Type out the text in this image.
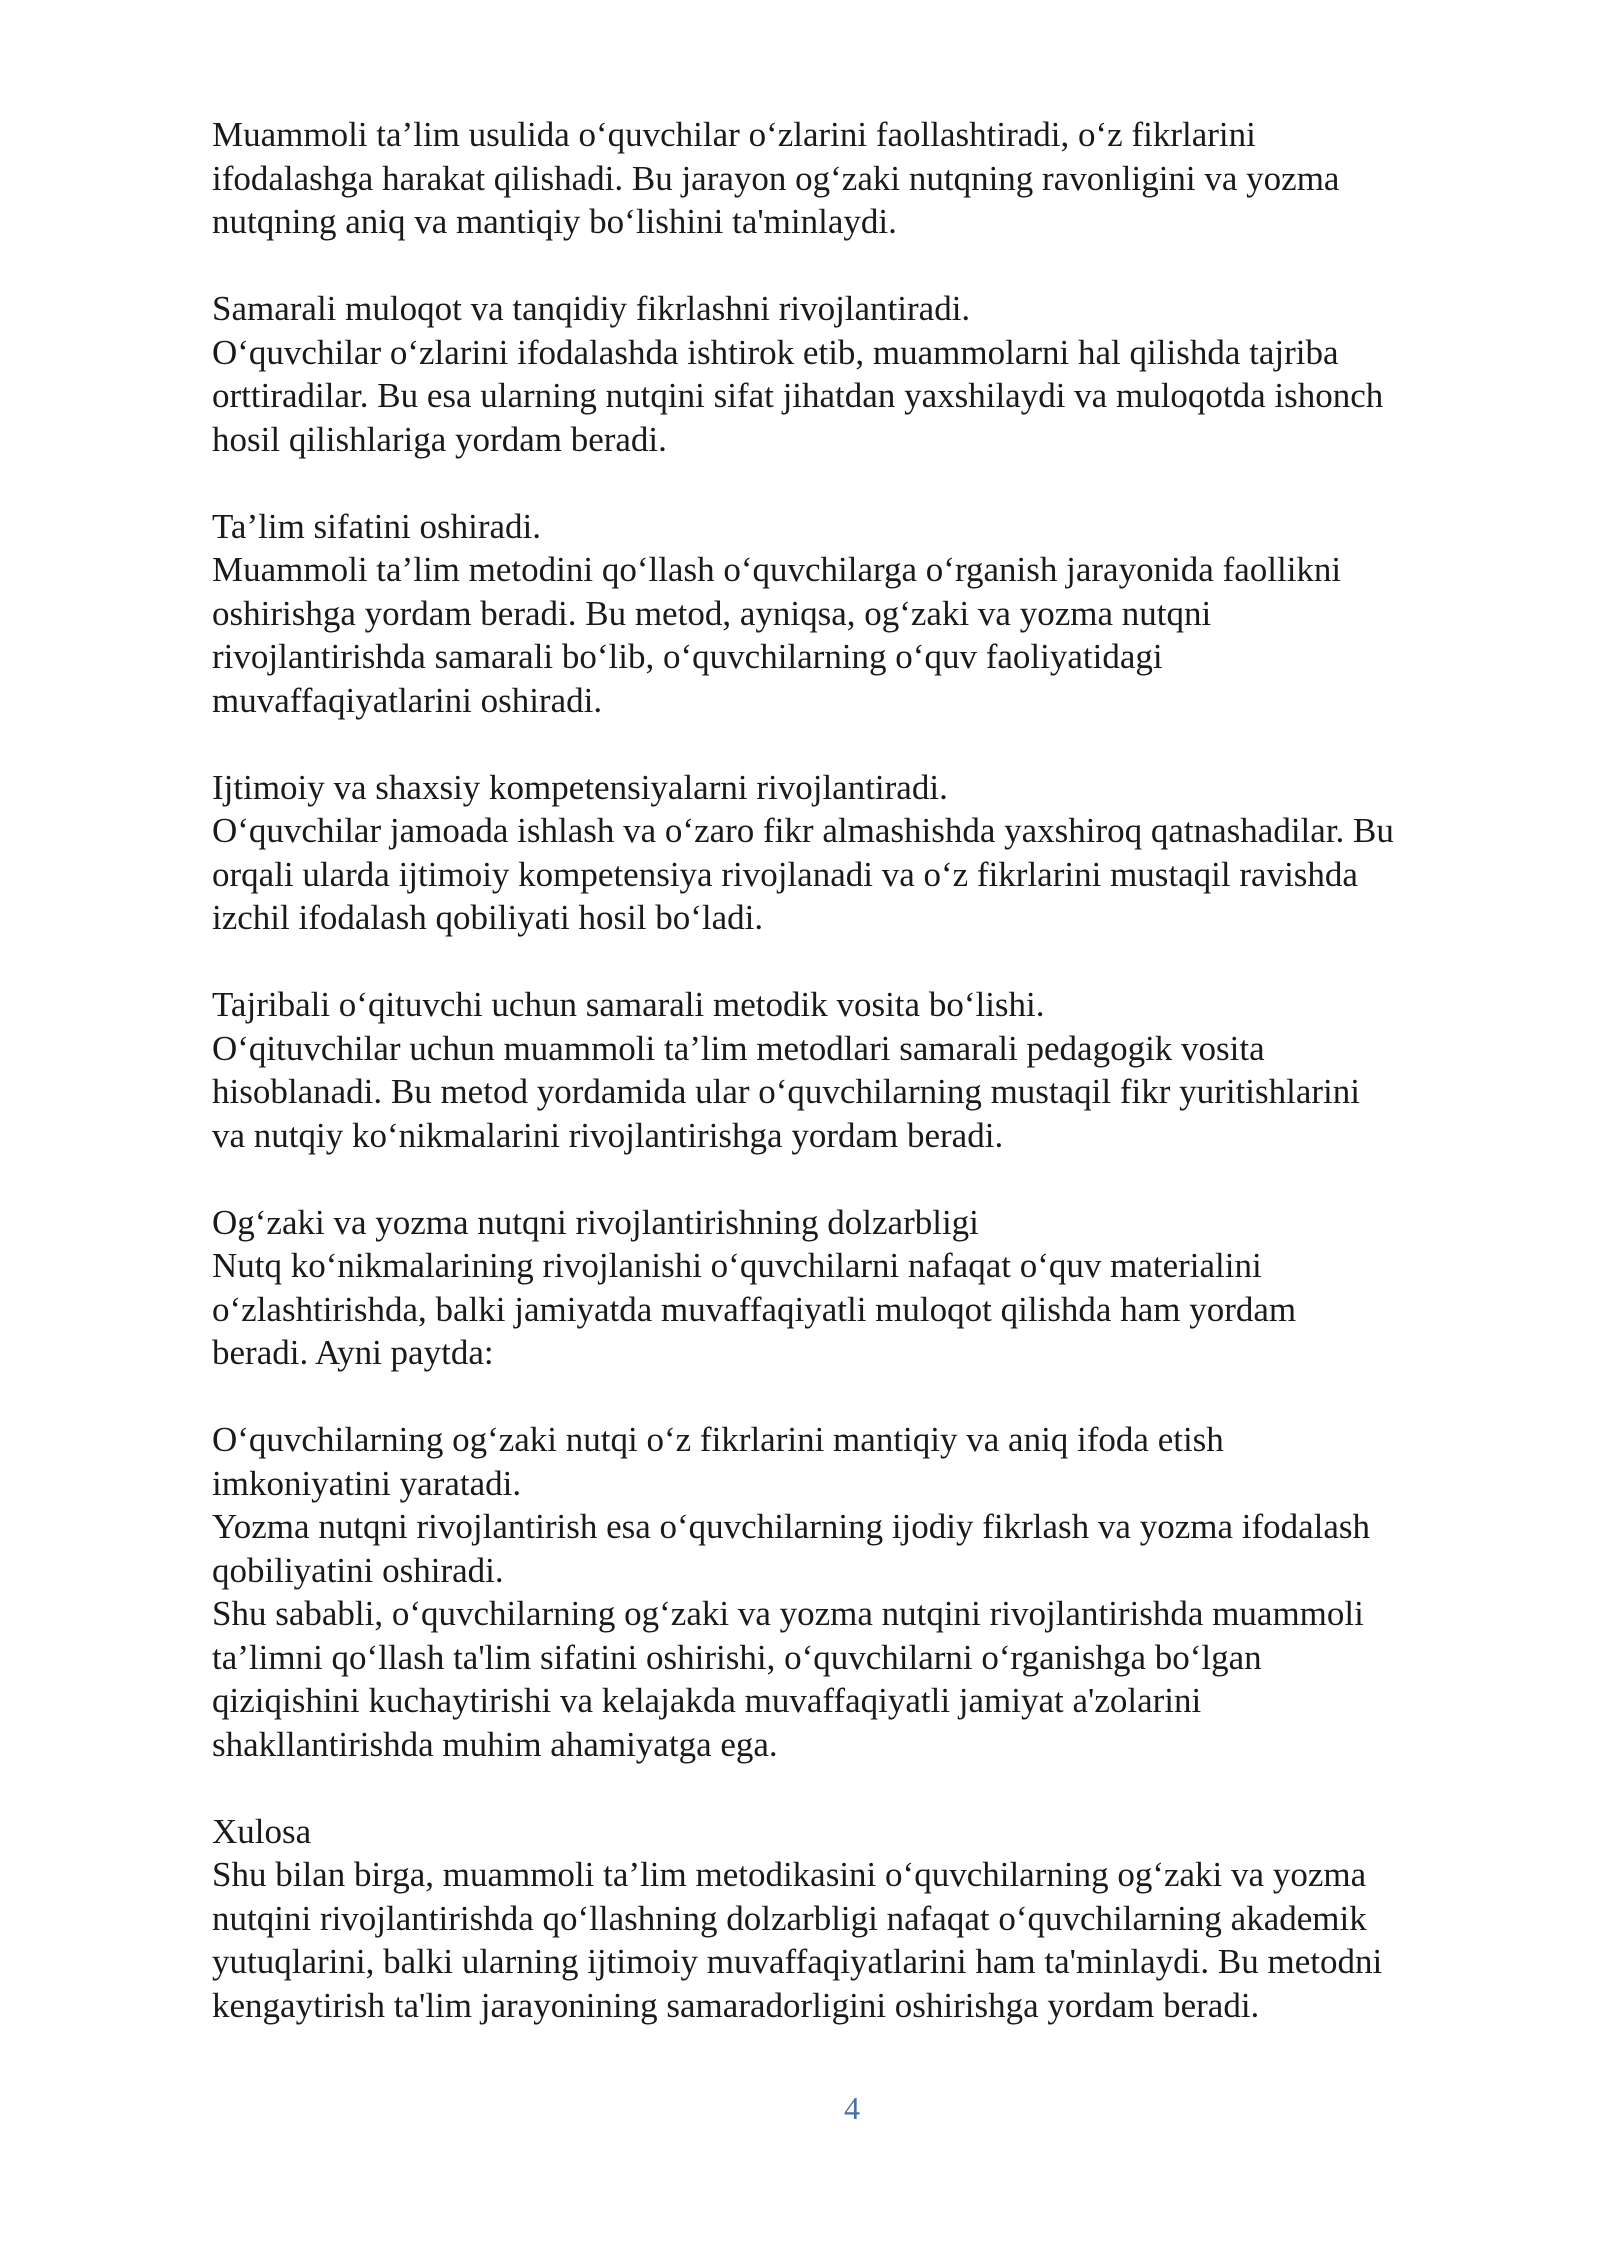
Muammoli ta’lim usulida o‘quvchilar o‘zlarini faollashtiradi, o‘z fikrlarini
ifodalashga harakat qilishadi. Bu jarayon og‘zaki nutqning ravonligini va yozma
nutqning aniq va mantiqiy bo‘lishini ta'minlaydi.
Samarali muloqot va tanqidiy fikrlashni rivojlantiradi.
O‘quvchilar o‘zlarini ifodalashda ishtirok etib, muammolarni hal qilishda tajriba
orttiradilar. Bu esa ularning nutqini sifat jihatdan yaxshilaydi va muloqotda ishonch
hosil qilishlariga yordam beradi.
Ta’lim sifatini oshiradi.
Muammoli ta’lim metodini qo‘llash o‘quvchilarga o‘rganish jarayonida faollikni
oshirishga yordam beradi. Bu metod, ayniqsa, og‘zaki va yozma nutqni
rivojlantirishda samarali bo‘lib, o‘quvchilarning o‘quv faoliyatidagi
muvaffaqiyatlarini oshiradi.
Ijtimoiy va shaxsiy kompetensiyalarni rivojlantiradi.
O‘quvchilar jamoada ishlash va o‘zaro fikr almashishda yaxshiroq qatnashadilar. Bu
orqali ularda ijtimoiy kompetensiya rivojlanadi va o‘z fikrlarini mustaqil ravishda
izchil ifodalash qobiliyati hosil bo‘ladi.
Tajribali o‘qituvchi uchun samarali metodik vosita bo‘lishi.
O‘qituvchilar uchun muammoli ta’lim metodlari samarali pedagogik vosita
hisoblanadi. Bu metod yordamida ular o‘quvchilarning mustaqil fikr yuritishlarini
va nutqiy ko‘nikmalarini rivojlantirishga yordam beradi.
Og‘zaki va yozma nutqni rivojlantirishning dolzarbligi
Nutq ko‘nikmalarining rivojlanishi o‘quvchilarni nafaqat o‘quv materialini
o‘zlashtirishda, balki jamiyatda muvaffaqiyatli muloqot qilishda ham yordam
beradi. Ayni paytda:
O‘quvchilarning og‘zaki nutqi o‘z fikrlarini mantiqiy va aniq ifoda etish
imkoniyatini yaratadi.
Yozma nutqni rivojlantirish esa o‘quvchilarning ijodiy fikrlash va yozma ifodalash
qobiliyatini oshiradi.
Shu sababli, o‘quvchilarning og‘zaki va yozma nutqini rivojlantirishda muammoli
ta’limni qo‘llash ta'lim sifatini oshirishi, o‘quvchilarni o‘rganishga bo‘lgan
qiziqishini kuchaytirishi va kelajakda muvaffaqiyatli jamiyat a'zolarini
shakllantirishda muhim ahamiyatga ega.
Xulosa
Shu bilan birga, muammoli ta’lim metodikasini o‘quvchilarning og‘zaki va yozma
nutqini rivojlantirishda qo‘llashning dolzarbligi nafaqat o‘quvchilarning akademik
yutuqlarini, balki ularning ijtimoiy muvaffaqiyatlarini ham ta'minlaydi. Bu metodni
kengaytirish ta'lim jarayonining samaradorligini oshirishga yordam beradi.
4
